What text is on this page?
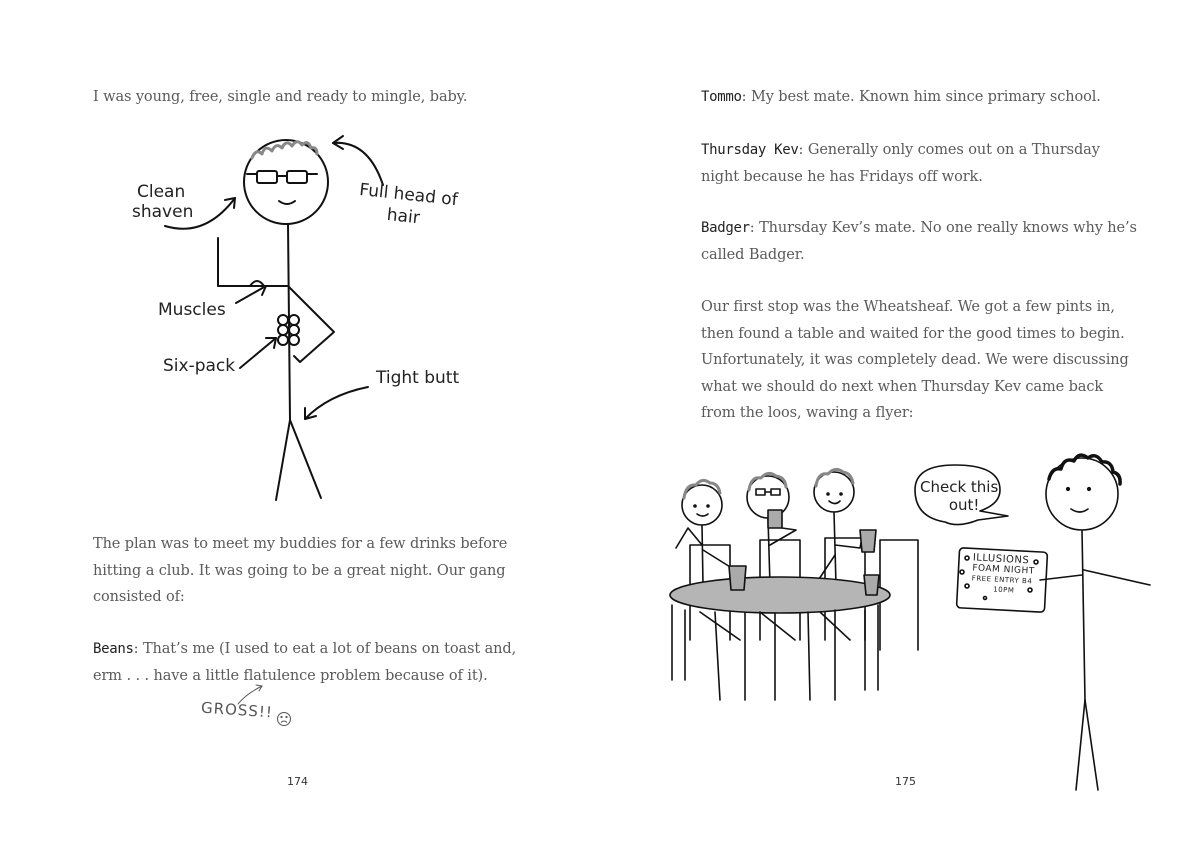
I was young, free, single and ready to mingle, baby.

Clean
shaven
Full head of
hair
Muscles
Six-pack
Tight butt

The plan was to meet my buddies for a few drinks before
hitting a club. It was going to be a great night. Our gang
consisted of:

Beans: That’s me (I used to eat a lot of beans on toast and,
erm . . . have a little flatulence problem because of it).

GROSS!!
174

Tommo: My best mate. Known him since primary school.

Thursday Kev: Generally only comes out on a Thursday
night because he has Fridays off work.

Badger: Thursday Kev’s mate. No one really knows why he’s
called Badger.

Our first stop was the Wheatsheaf. We got a few pints in,
then found a table and waited for the good times to begin.
Unfortunately, it was completely dead. We were discussing
what we should do next when Thursday Kev came back
from the loos, waving a flyer:

Check this
out!
ILLUSIONS
FOAM NIGHT
FREE ENTRY B4
10PM
175
